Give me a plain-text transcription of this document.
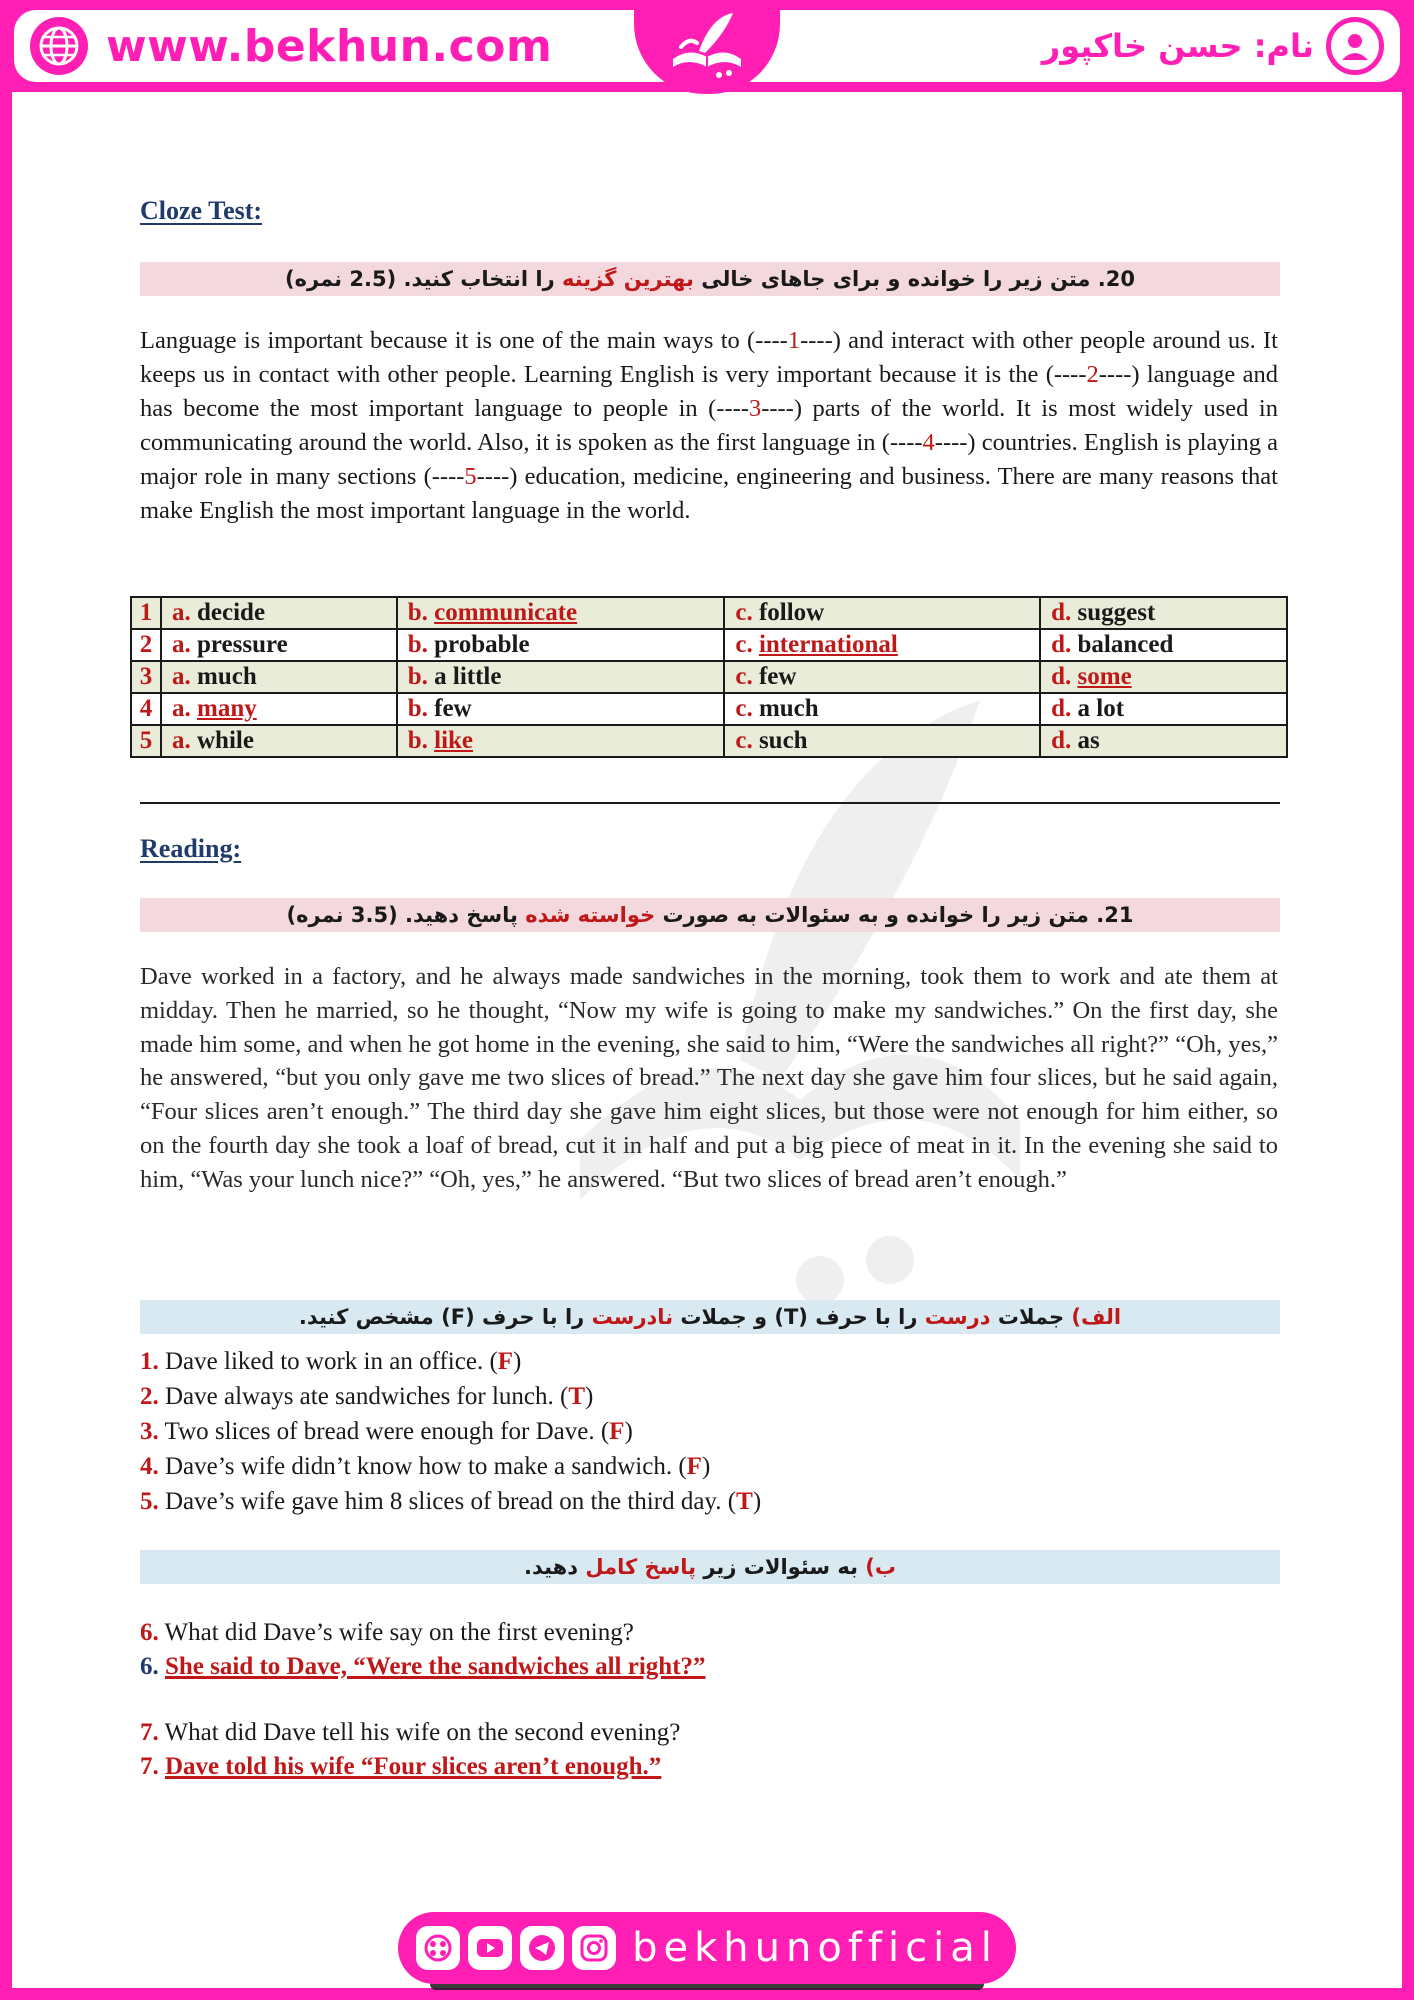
www.bekhun.com	نام: حسن خاکپور
Cloze Test:
20. متن زیر را خوانده و برای جاهای خالی بهترین گزینه را انتخاب کنید. (2.5 نمره)
Language is important because it is one of the main ways to (----1----) and interact with other people around us. It keeps us in contact with other people. Learning English is very important because it is the (----2----) language and has become the most important language to people in (----3----) parts of the world. It is most widely used in communicating around the world. Also, it is spoken as the first language in (----4----) countries. English is playing a major role in many sections (----5----) education, medicine, engineering and business. There are many reasons that make English the most important language in the world.
1	a. decide	b. communicate	c. follow	d. suggest
2	a. pressure	b. probable	c. international	d. balanced
3	a. much	b. a little	c. few	d. some
4	a. many	b. few	c. much	d. a lot
5	a. while	b. like	c. such	d. as
Reading:
21. متن زیر را خوانده و به سئوالات به صورت خواسته شده پاسخ دهید. (3.5 نمره)
Dave worked in a factory, and he always made sandwiches in the morning, took them to work and ate them at midday. Then he married, so he thought, “Now my wife is going to make my sandwiches.” On the first day, she made him some, and when he got home in the evening, she said to him, “Were the sandwiches all right?” “Oh, yes,” he answered, “but you only gave me two slices of bread.” The next day she gave him four slices, but he said again, “Four slices aren’t enough.” The third day she gave him eight slices, but those were not enough for him either, so on the fourth day she took a loaf of bread, cut it in half and put a big piece of meat in it. In the evening she said to him, “Was your lunch nice?” “Oh, yes,” he answered. “But two slices of bread aren’t enough.”
الف) جملات درست را با حرف (T) و جملات نادرست را با حرف (F) مشخص کنید.
1. Dave liked to work in an office. (F)
2. Dave always ate sandwiches for lunch. (T)
3. Two slices of bread were enough for Dave. (F)
4. Dave’s wife didn’t know how to make a sandwich. (F)
5. Dave’s wife gave him 8 slices of bread on the third day. (T)
ب) به سئوالات زیر پاسخ کامل دهید.
6. What did Dave’s wife say on the first evening?
6. She said to Dave, “Were the sandwiches all right?”
7. What did Dave tell his wife on the second evening?
7. Dave told his wife “Four slices aren’t enough.”
bekhunofficial
